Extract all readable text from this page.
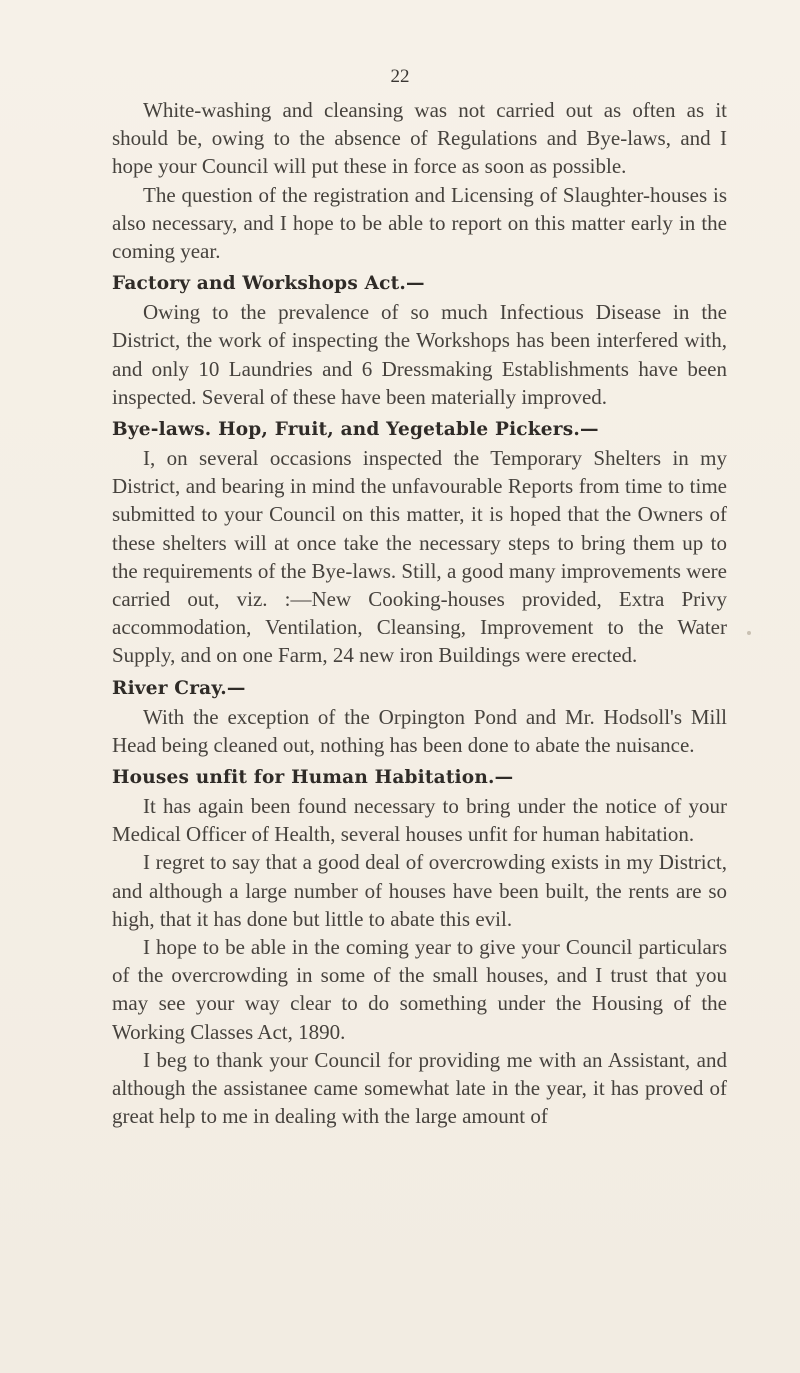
22

White-washing and cleansing was not carried out as often as it should be, owing to the absence of Regulations and Bye-laws, and I hope your Council will put these in force as soon as possible.

The question of the registration and Licensing of Slaughter-houses is also necessary, and I hope to be able to report on this matter early in the coming year.

Factory and Workshops Act.—

Owing to the prevalence of so much Infectious Disease in the District, the work of inspecting the Workshops has been interfered with, and only 10 Laundries and 6 Dressmaking Establishments have been inspected. Several of these have been materially improved.

Bye-laws. Hop, Fruit, and Yegetable Pickers.—

I, on several occasions inspected the Temporary Shelters in my District, and bearing in mind the unfavourable Reports from time to time submitted to your Council on this matter, it is hoped that the Owners of these shelters will at once take the necessary steps to bring them up to the requirements of the Bye-laws. Still, a good many improvements were carried out, viz. :—New Cooking-houses provided, Extra Privy accommodation, Ventilation, Cleansing, Improvement to the Water Supply, and on one Farm, 24 new iron Buildings were erected.

River Cray.—

With the exception of the Orpington Pond and Mr. Hodsoll's Mill Head being cleaned out, nothing has been done to abate the nuisance.

Houses unfit for Human Habitation.—

It has again been found necessary to bring under the notice of your Medical Officer of Health, several houses unfit for human habitation.

I regret to say that a good deal of overcrowding exists in my District, and although a large number of houses have been built, the rents are so high, that it has done but little to abate this evil.

I hope to be able in the coming year to give your Council particulars of the overcrowding in some of the small houses, and I trust that you may see your way clear to do something under the Housing of the Working Classes Act, 1890.

I beg to thank your Council for providing me with an Assistant, and although the assistanee came somewhat late in the year, it has proved of great help to me in dealing with the large amount of
